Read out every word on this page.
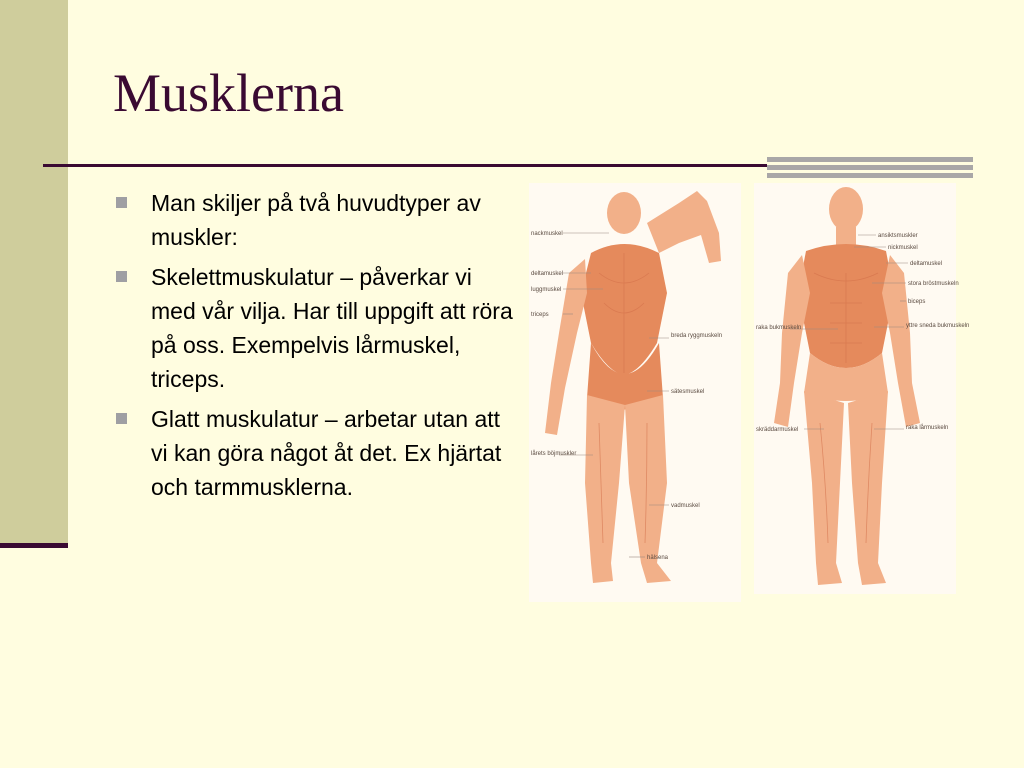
Musklerna
Man skiljer på två huvudtyper av muskler:
Skelettmuskulatur – påverkar vi med vår vilja. Har till uppgift att röra på oss. Exempelvis lårmuskel, triceps.
Glatt muskulatur – arbetar utan att vi kan göra något åt det. Ex hjärtat och tarmmusklerna.
nackmuskel
deltamuskel
luggmuskel
triceps
breda ryggmuskeln
sätesmuskel
lårets böjmuskler
vadmuskel
hälsena
ansiktsmuskler
nickmuskel
deltamuskel
stora bröstmuskeln
biceps
raka bukmuskeln	yttre sneda bukmuskeln
skräddarmuskel	raka lårmuskeln
